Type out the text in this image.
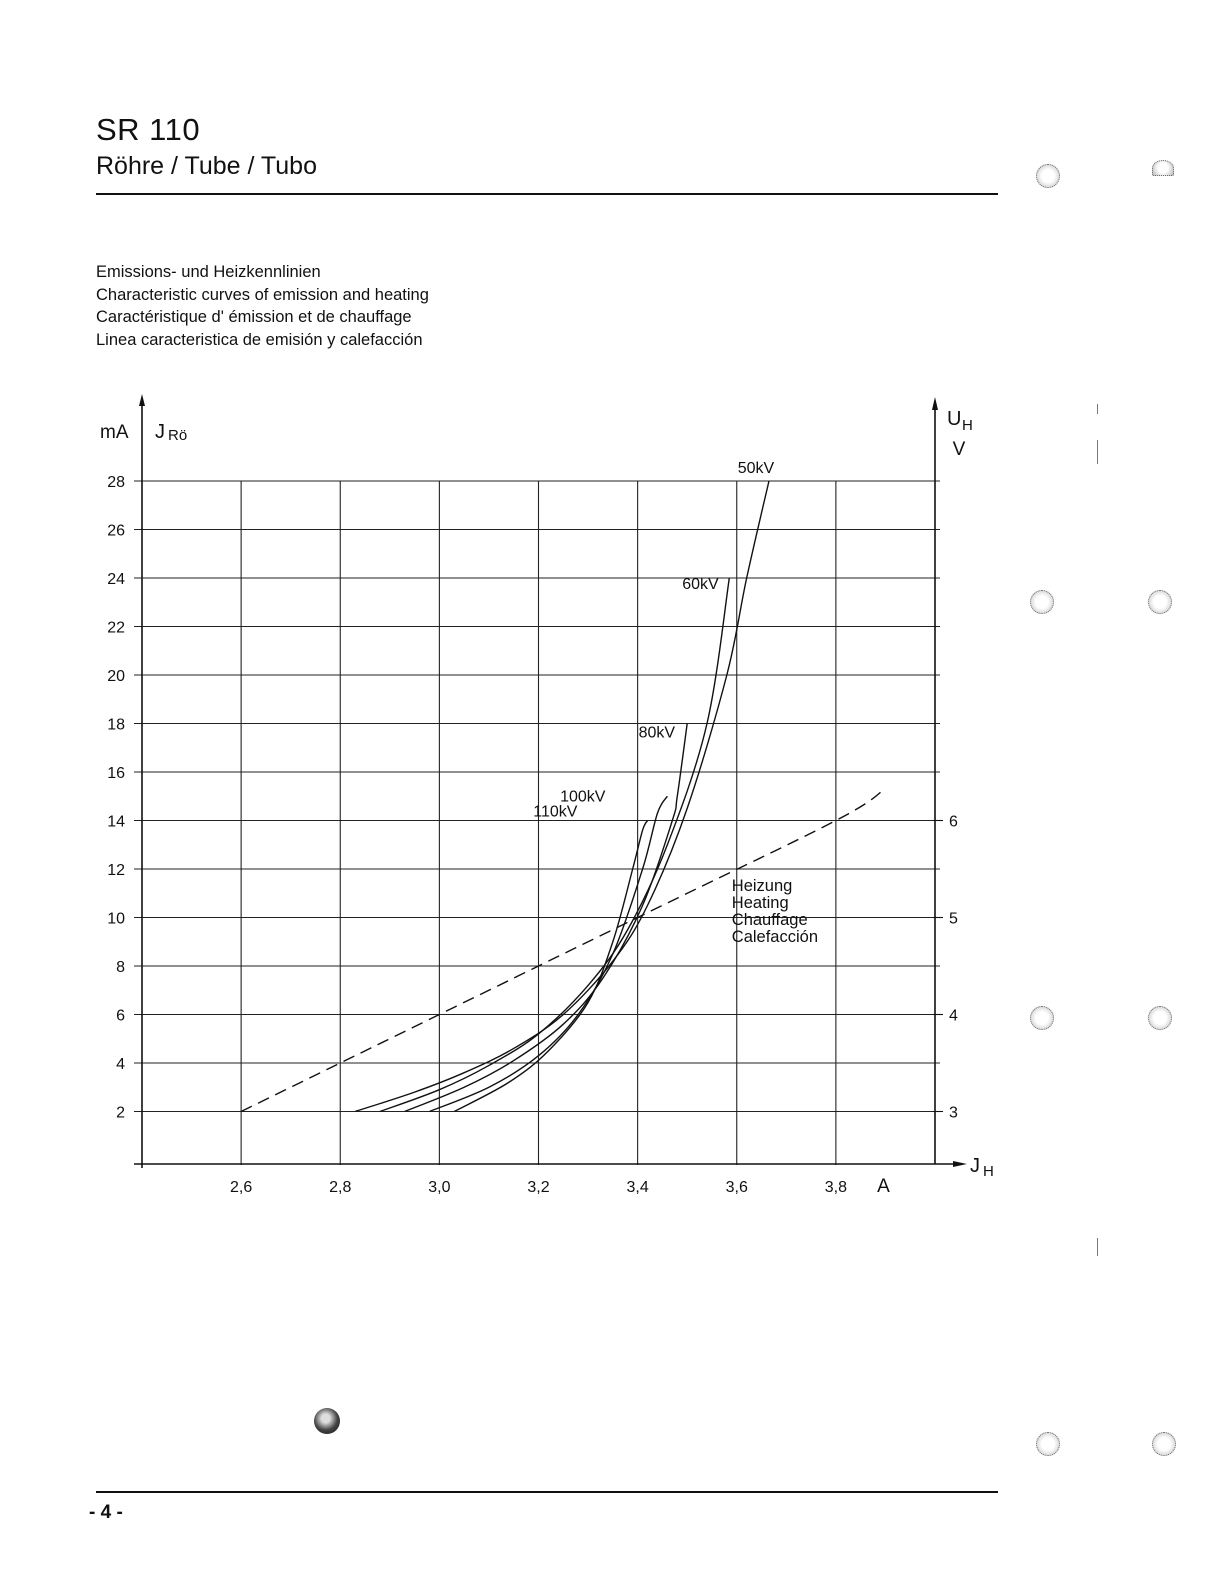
SR 110
Röhre / Tube / Tubo
Emissions- und Heizkennlinien
Characteristic curves of emission and heating
Caractéristique d' émission et de chauffage
Linea caracteristica de emisión y calefacción
2
4
6
8
10
12
14
16
18
20
22
24
26
28
6
5
4
3
2,6	2,8	3,0	3,2	3,4	3,6	3,8 A
mA J Rö
U H
V
J H
50kV
60kV
80kV
100kV
110kV
Heizung
Heating
Chauffage
Calefacción
- 4 -
